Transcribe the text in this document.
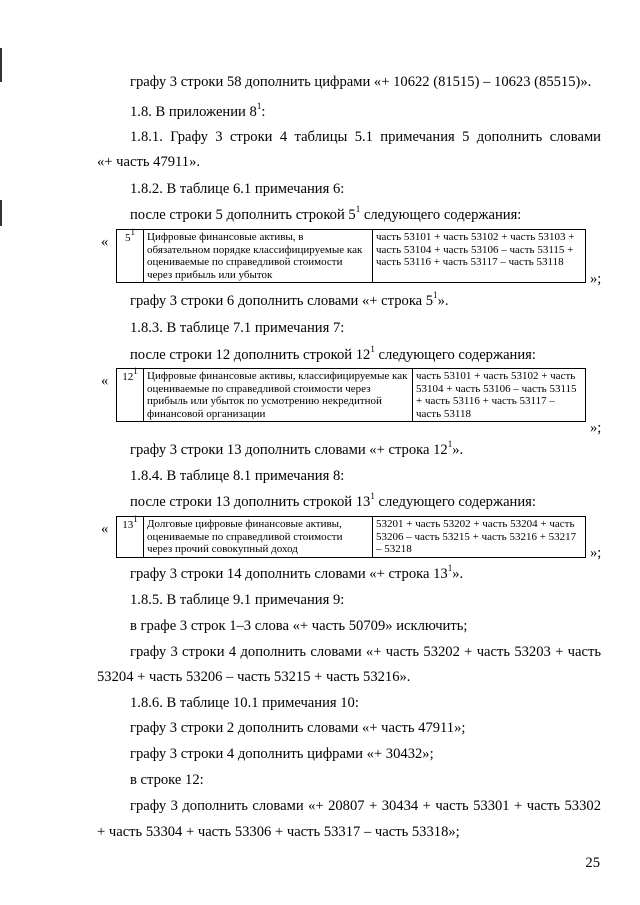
графу 3 строки 58 дополнить цифрами «+ 10622 (81515) – 10623 (85515)».
1.8. В приложении $8^1$:
1.8.1. Графу 3 строки 4 таблицы 5.1 примечания 5 дополнить словами
«+ часть 47911».
1.8.2. В таблице 6.1 примечания 6:
после строки 5 дополнить строкой $5^1$ следующего содержания:
« $5^1$	Цифровые финансовые активы, в обязательном порядке классифицируемые как оцениваемые по справедливой стоимости через прибыль или убыток	часть 53101 + часть 53102 + часть 53103 + часть 53104 + часть 53106 – часть 53115 + часть 53116 + часть 53117 – часть 53118
»;
графу 3 строки 6 дополнить словами «+ строка $5^1$».
1.8.3. В таблице 7.1 примечания 7:
после строки 12 дополнить строкой $12^1$ следующего содержания:
« $12^1$	Цифровые финансовые активы, классифицируемые как оцениваемые по справедливой стоимости через прибыль или убыток по усмотрению некредитной финансовой организации	часть 53101 + часть 53102 + часть 53104 + часть 53106 – часть 53115 + часть 53116 + часть 53117 – часть 53118
»;
графу 3 строки 13 дополнить словами «+ строка $12^1$».
1.8.4. В таблице 8.1 примечания 8:
после строки 13 дополнить строкой $13^1$ следующего содержания:
« $13^1$	Долговые цифровые финансовые активы, оцениваемые по справедливой стоимости через прочий совокупный доход	53201 + часть 53202 + часть 53204 + часть 53206 – часть 53215 + часть 53216 + 53217 – 53218	»;
графу 3 строки 14 дополнить словами «+ строка $13^1$».
1.8.5. В таблице 9.1 примечания 9:
в графе 3 строк 1–3 слова «+ часть 50709» исключить;
графу 3 строки 4 дополнить словами «+ часть 53202 + часть 53203 + часть
53204 + часть 53206 – часть 53215 + часть 53216».
1.8.6. В таблице 10.1 примечания 10:
графу 3 строки 2 дополнить словами «+ часть 47911»;
графу 3 строки 4 дополнить цифрами «+ 30432»;
в строке 12:
графу 3 дополнить словами «+ 20807 + 30434 + часть 53301 + часть 53302
+ часть 53304 + часть 53306 + часть 53317 – часть 53318»;
25
